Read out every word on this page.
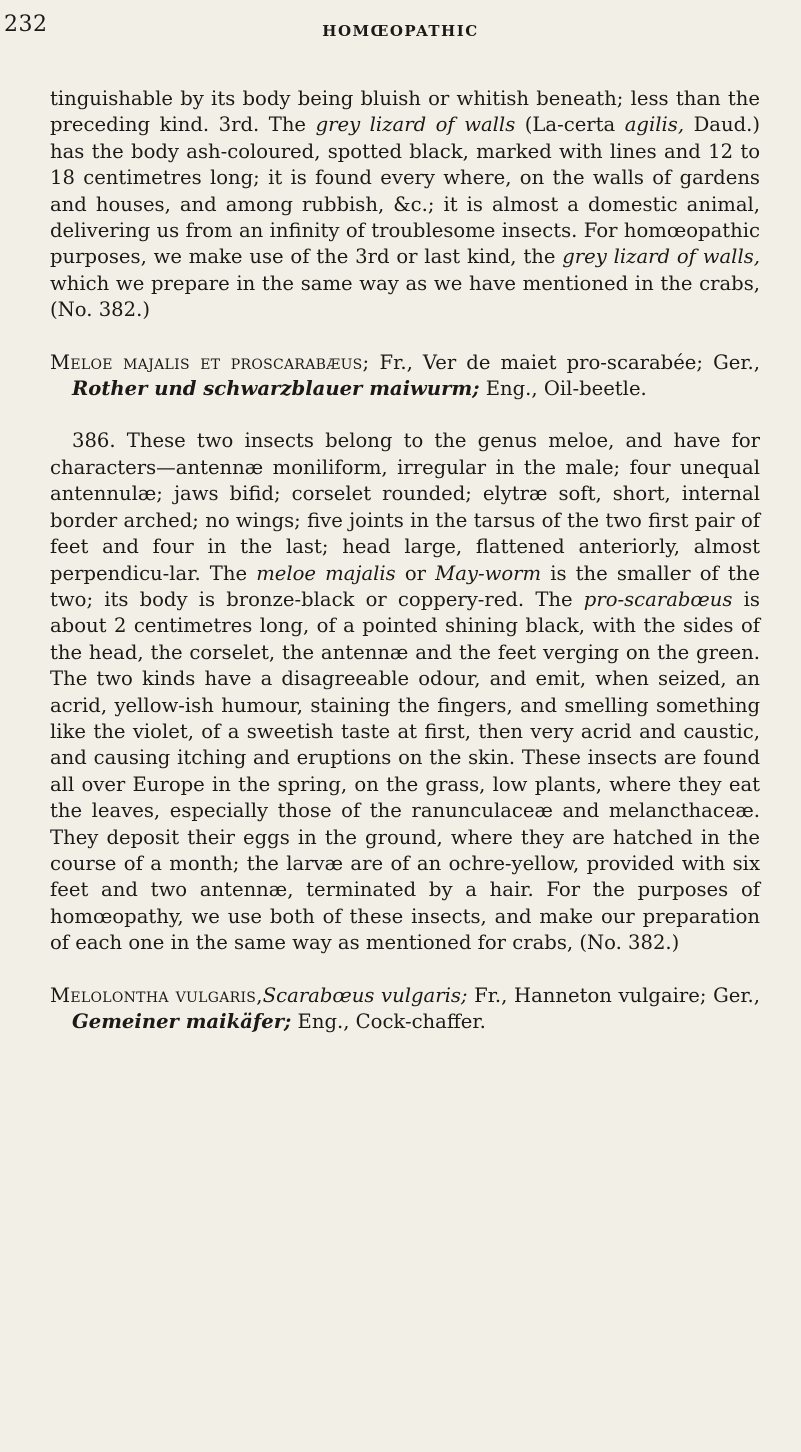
232	HOMŒOPATHIC

tinguishable by its body being bluish or whitish beneath; less than the preceding kind. 3rd. The grey lizard of walls (La-certa agilis, Daud.) has the body ash-coloured, spotted black, marked with lines and 12 to 18 centimetres long; it is found every where, on the walls of gardens and houses, and among rubbish, &c.; it is almost a domestic animal, delivering us from an infinity of troublesome insects. For homœopathic purposes, we make use of the 3rd or last kind, the grey lizard of walls, which we prepare in the same way as we have mentioned in the crabs, (No. 382.)

Meloe majalis et proscarabæus; Fr., Ver de maiet pro-scarabée; Ger., Rother und schwarzblauer maiwurm; Eng., Oil-beetle.

386. These two insects belong to the genus meloe, and have for characters—antennæ moniliform, irregular in the male; four unequal antennulæ; jaws bifid; corselet rounded; elytræ soft, short, internal border arched; no wings; five joints in the tarsus of the two first pair of feet and four in the last; head large, flattened anteriorly, almost perpendicu-lar. The meloe majalis or May-worm is the smaller of the two; its body is bronze-black or coppery-red. The pro-scarabœus is about 2 centimetres long, of a pointed shining black, with the sides of the head, the corselet, the antennæ and the feet verging on the green. The two kinds have a disagreeable odour, and emit, when seized, an acrid, yellow-ish humour, staining the fingers, and smelling something like the violet, of a sweetish taste at first, then very acrid and caustic, and causing itching and eruptions on the skin. These insects are found all over Europe in the spring, on the grass, low plants, where they eat the leaves, especially those of the ranunculaceæ and melancthaceæ. They deposit their eggs in the ground, where they are hatched in the course of a month; the larvæ are of an ochre-yellow, provided with six feet and two antennæ, terminated by a hair. For the purposes of homœopathy, we use both of these insects, and make our preparation of each one in the same way as mentioned for crabs, (No. 382.)

Melolontha vulgaris,Scarabœus vulgaris; Fr., Hanneton vulgaire; Ger., Gemeiner maikäfer; Eng., Cock-chaffer.
